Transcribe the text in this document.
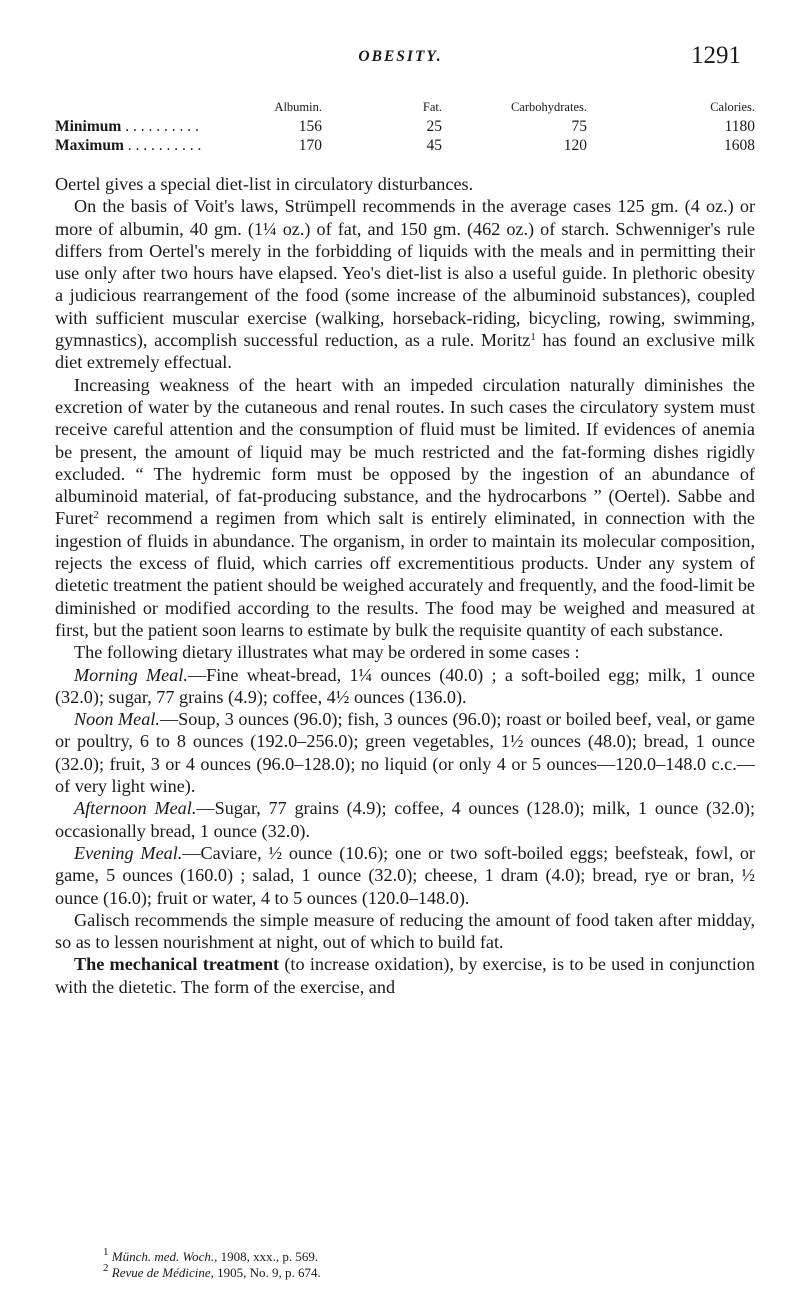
OBESITY.	1291
	Albumin.	Fat.	Carbohydrates.	Calories.
Minimum . . . . . . . . . .	156	25	75	1180
Maximum . . . . . . . . . .	170	45	120	1608

Oertel gives a special diet-list in circulatory disturbances.

On the basis of Voit's laws, Strümpell recommends in the average cases 125 gm. (4 oz.) or more of albumin, 40 gm. (1¼ oz.) of fat, and 150 gm. (462 oz.) of starch. Schwenniger's rule differs from Oertel's merely in the forbidding of liquids with the meals and in permitting their use only after two hours have elapsed. Yeo's diet-list is also a useful guide. In plethoric obesity a judicious rearrangement of the food (some increase of the albuminoid substances), coupled with sufficient muscular exercise (walking, horseback-riding, bicycling, rowing, swimming, gymnastics), accomplish successful reduction, as a rule. Moritz$^1$ has found an exclusive milk diet extremely effectual.

Increasing weakness of the heart with an impeded circulation naturally diminishes the excretion of water by the cutaneous and renal routes. In such cases the circulatory system must receive careful attention and the consumption of fluid must be limited. If evidences of anemia be present, the amount of liquid may be much restricted and the fat-forming dishes rigidly excluded. “ The hydremic form must be opposed by the ingestion of an abundance of albuminoid material, of fat-producing substance, and the hydrocarbons ” (Oertel). Sabbe and Furet$^2$ recommend a regimen from which salt is entirely eliminated, in connection with the ingestion of fluids in abundance. The organism, in order to maintain its molecular composition, rejects the excess of fluid, which carries off excrementitious products. Under any system of dietetic treatment the patient should be weighed accurately and frequently, and the food-limit be diminished or modified according to the results. The food may be weighed and measured at first, but the patient soon learns to estimate by bulk the requisite quantity of each substance.

The following dietary illustrates what may be ordered in some cases :

Morning Meal.—Fine wheat-bread, 1¼ ounces (40.0) ; a soft-boiled egg; milk, 1 ounce (32.0); sugar, 77 grains (4.9); coffee, 4½ ounces (136.0).

Noon Meal.—Soup, 3 ounces (96.0); fish, 3 ounces (96.0); roast or boiled beef, veal, or game or poultry, 6 to 8 ounces (192.0–256.0); green vegetables, 1½ ounces (48.0); bread, 1 ounce (32.0); fruit, 3 or 4 ounces (96.0–128.0); no liquid (or only 4 or 5 ounces—120.0–148.0 c.c.—of very light wine).

Afternoon Meal.—Sugar, 77 grains (4.9); coffee, 4 ounces (128.0); milk, 1 ounce (32.0); occasionally bread, 1 ounce (32.0).

Evening Meal.—Caviare, ½ ounce (10.6); one or two soft-boiled eggs; beefsteak, fowl, or game, 5 ounces (160.0) ; salad, 1 ounce (32.0); cheese, 1 dram (4.0); bread, rye or bran, ½ ounce (16.0); fruit or water, 4 to 5 ounces (120.0–148.0).

Galisch recommends the simple measure of reducing the amount of food taken after midday, so as to lessen nourishment at night, out of which to build fat.

The mechanical treatment (to increase oxidation), by exercise, is to be used in conjunction with the dietetic. The form of the exercise, and

$^1$ Münch. med. Woch., 1908, xxx., p. 569.

$^2$ Revue de Médicine, 1905, No. 9, p. 674.
